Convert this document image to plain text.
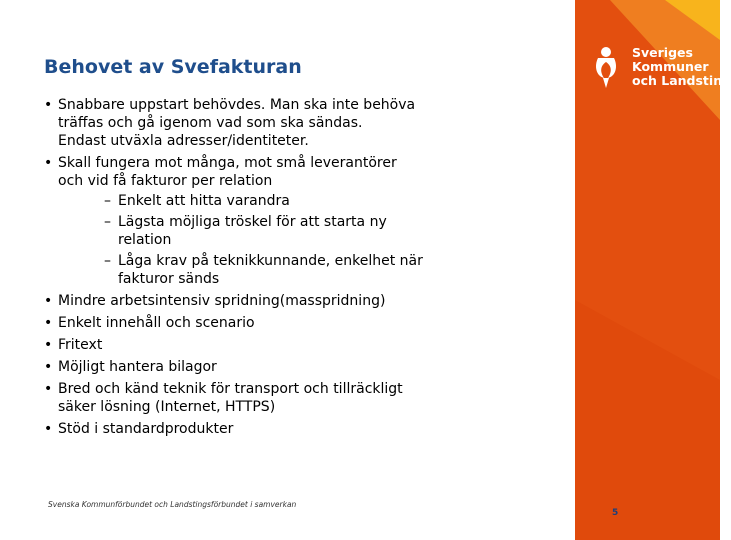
Behovet av Svefakturan
• Snabbare uppstart behövdes. Man ska inte behöva
träffas och gå igenom vad som ska sändas.
Endast utväxla adresser/identiteter.
• Skall fungera mot många, mot små leverantörer
och vid få fakturor per relation
– Enkelt att hitta varandra
– Lägsta möjliga tröskel för att starta ny
relation
– Låga krav på teknikkunnande, enkelhet när
fakturor sänds
• Mindre arbetsintensiv spridning(masspridning)
• Enkelt innehåll och scenario
• Fritext
• Möjligt hantera bilagor
• Bred och känd teknik för transport och tillräckligt
säker lösning (Internet, HTTPS)
• Stöd i standardprodukter
Svenska Kommunförbundet och Landstingsförbundet i samverkan
5
Sveriges
Kommuner
och Landsting
